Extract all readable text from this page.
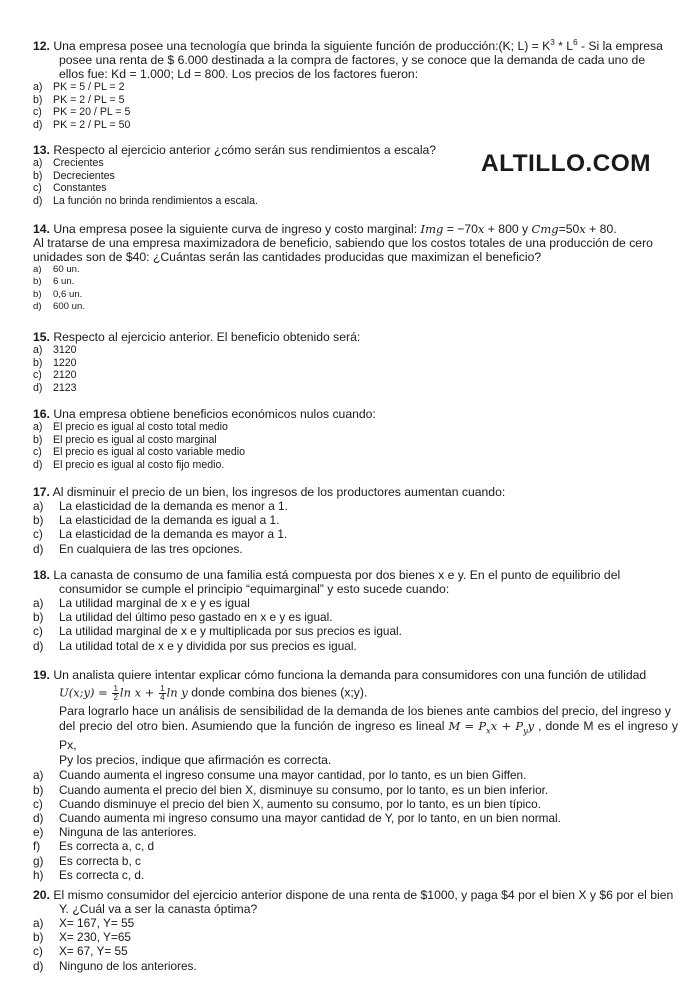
ALTILLO.COM
12. Una empresa posee una tecnología que brinda la siguiente función de producción:(K; $L) = K^3 * L^6 - Si$ la empresa
posee una renta de $ 6.000 destinada a la compra de factores, y se conoce que la demanda de cada uno de
ellos fue: Kd = 1.000; Ld = 800. Los precios de los factores fueron:
a) PK = 5 / PL = 2
b) PK = 2 / PL = 5
c)	PK = 20 / PL = 5
d) PK = 2 / PL = 50
13. Respecto al ejercicio anterior ¿cómo serán sus rendimientos a escala?
a) Crecientes
b) Decrecientes
c)	Constantes
d) La función no brinda rendimientos a escala.
14. Una empresa posee la siguiente curva de ingreso y costo marginal: Img = −70x + 800 y Cmg=50x + 80.
Al tratarse de una empresa maximizadora de beneficio, sabiendo que los costos totales de una producción de cero
unidades son de $40: ¿Cuántas serán las cantidades producidas que maximizan el beneficio?
a)	60 un.
b)	6 un.
b)	0,6 un.
d)	600 un.
15. Respecto al ejercicio anterior. El beneficio obtenido será:
a) 3120
b) 1220
c)	2120
d) 2123
16. Una empresa obtiene beneficios económicos nulos cuando:
a) El precio es igual al costo total medio
b) El precio es igual al costo marginal
c)	El precio es igual al costo variable medio
d) El precio es igual al costo fijo medio.
17. Al disminuir el precio de un bien, los ingresos de los productores aumentan cuando:
a)	La elasticidad de la demanda es menor a 1.
b)	La elasticidad de la demanda es igual a 1.
c)	La elasticidad de la demanda es mayor a 1.
d)	En cualquiera de las tres opciones.
18. La canasta de consumo de una familia está compuesta por dos bienes x e y. En el punto de equilibrio del
consumidor se cumple el principio “equimarginal” y esto sucede cuando:
a)	La utilidad marginal de x e y es igual
b)	La utilidad del último peso gastado en x e y es igual.
c)	La utilidad marginal de x e y multiplicada por sus precios es igual.
d)	La utilidad total de x e y dividida por sus precios es igual.
19. Un analista quiere intentar explicar cómo funciona la demanda para consumidores con una función de utilidad
U(x;y) = $\frac{1}{2}$ $\ln x + \frac{1}{4}$ ln y donde combina dos bienes (x;y).
Para lograrlo hace un análisis de sensibilidad de la demanda de los bienes ante cambios del precio, del ingreso y
del precio del otro bien. Asumiendo que la función de ingreso es lineal $M = P_xx + P_yy$ , donde M es el ingreso y Px,
Py los precios, indique que afirmación es correcta.
a)	Cuando aumenta el ingreso consume una mayor cantidad, por lo tanto, es un bien Giffen.
b)	Cuando aumenta el precio del bien X, disminuye su consumo, por lo tanto, es un bien inferior.
c)	Cuando disminuye el precio del bien X, aumento su consumo, por lo tanto, es un bien típico.
d)	Cuando aumenta mi ingreso consumo una mayor cantidad de Y, por lo tanto, en un bien normal.
e)	Ninguna de las anteriores.
f)	Es correcta a, c, d
g)	Es correcta b, c
h)	Es correcta c, d.
20. El mismo consumidor del ejercicio anterior dispone de una renta de $1000, y paga $4 por el bien X y $6 por el bien
Y. ¿Cuál va a ser la canasta óptima?
a)	X= 167, Y= 55
b)	X= 230, Y=65
c)	X= 67, Y= 55
d)	Ninguno de los anteriores.
